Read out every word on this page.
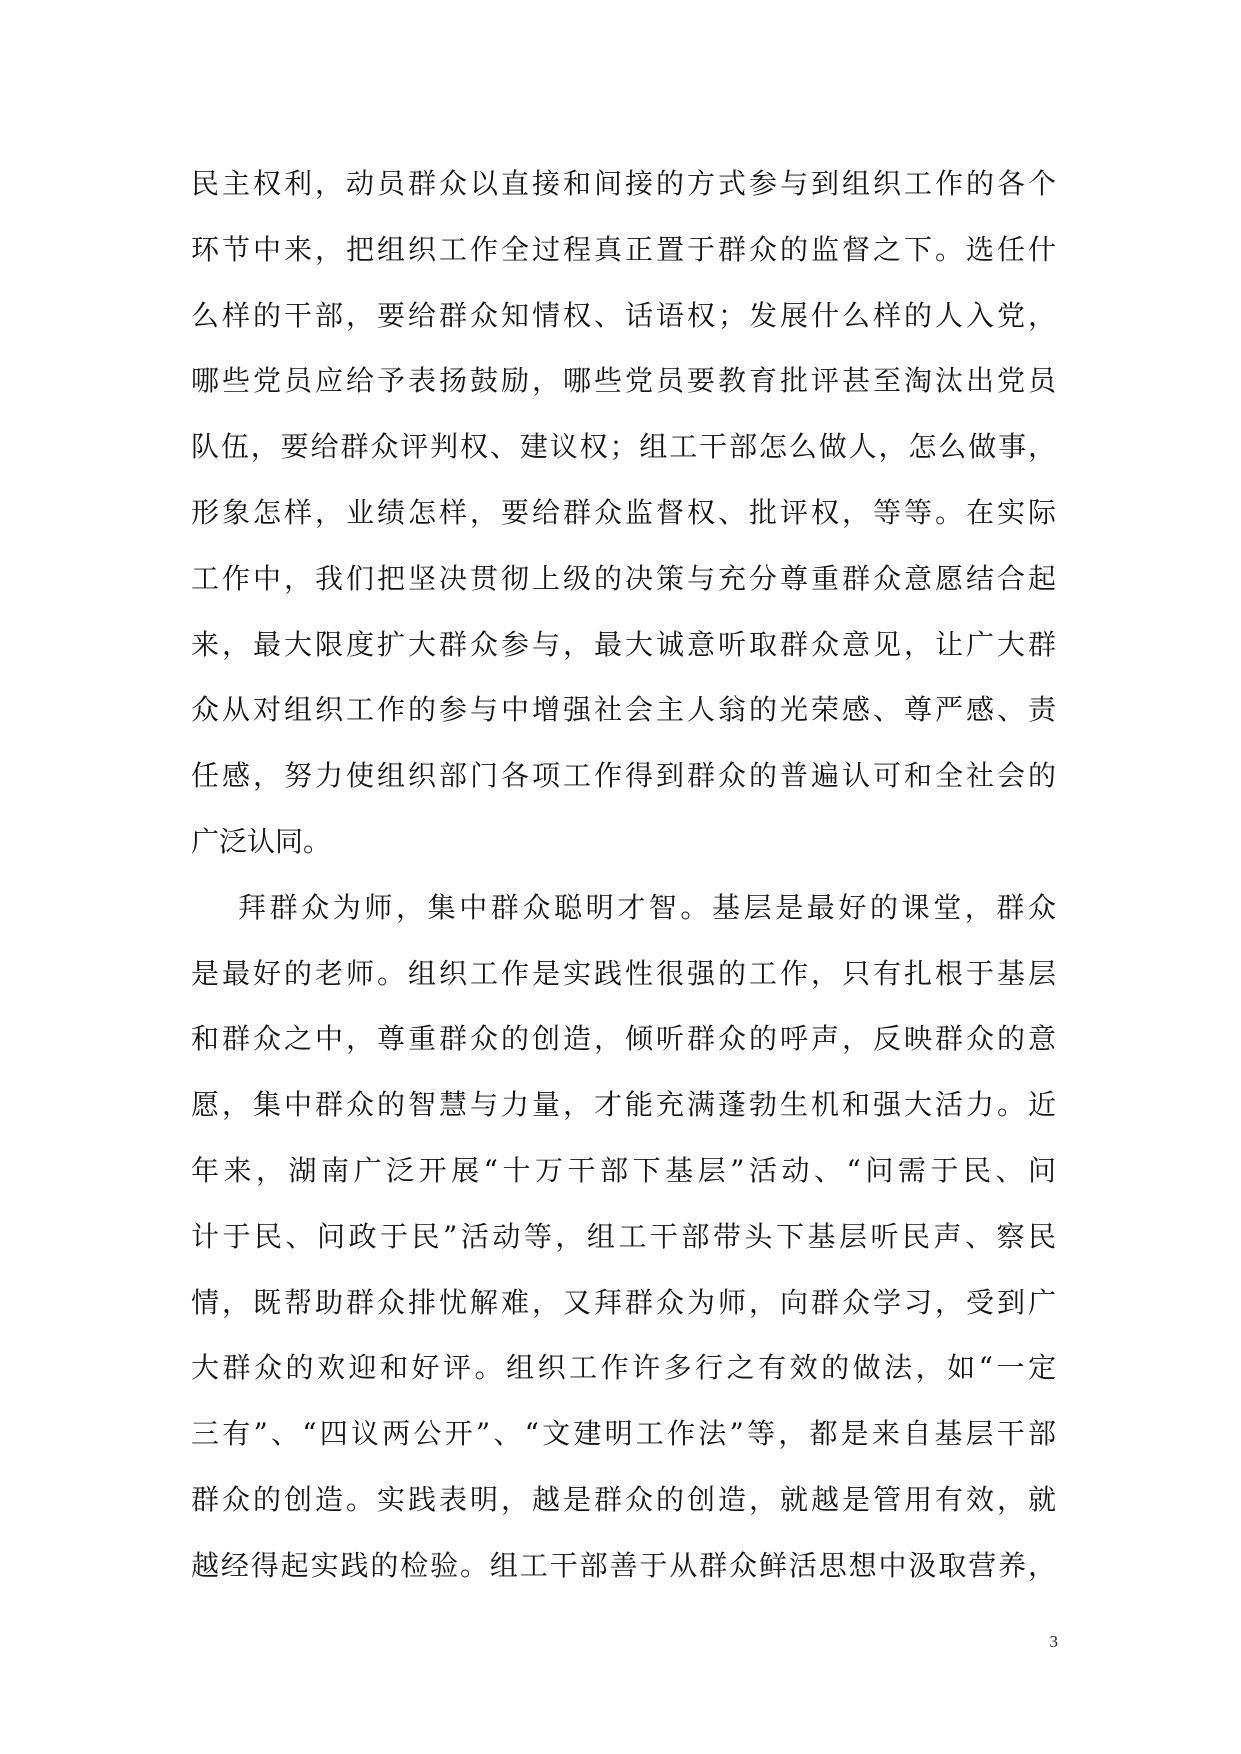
民主权利，动员群众以直接和间接的方式参与到组织工作的各个
环节中来，把组织工作全过程真正置于群众的监督之下。选任什
么样的干部，要给群众知情权、话语权；发展什么样的人入党，
哪些党员应给予表扬鼓励，哪些党员要教育批评甚至淘汰出党员
队伍，要给群众评判权、建议权；组工干部怎么做人，怎么做事，
形象怎样，业绩怎样，要给群众监督权、批评权，等等。在实际
工作中，我们把坚决贯彻上级的决策与充分尊重群众意愿结合起
来，最大限度扩大群众参与，最大诚意听取群众意见，让广大群
众从对组织工作的参与中增强社会主人翁的光荣感、尊严感、责
任感，努力使组织部门各项工作得到群众的普遍认可和全社会的
广泛认同。
拜群众为师，集中群众聪明才智。基层是最好的课堂，群众
是最好的老师。组织工作是实践性很强的工作，只有扎根于基层
和群众之中，尊重群众的创造，倾听群众的呼声，反映群众的意
愿，集中群众的智慧与力量，才能充满蓬勃生机和强大活力。近
年来，湖南广泛开展“十万干部下基层”活动、“问需于民、问
计于民、问政于民”活动等，组工干部带头下基层听民声、察民
情，既帮助群众排忧解难，又拜群众为师，向群众学习，受到广
大群众的欢迎和好评。组织工作许多行之有效的做法，如“一定
三有”、“四议两公开”、“文建明工作法”等，都是来自基层干部
群众的创造。实践表明，越是群众的创造，就越是管用有效，就
越经得起实践的检验。组工干部善于从群众鲜活思想中汲取营养，
3
